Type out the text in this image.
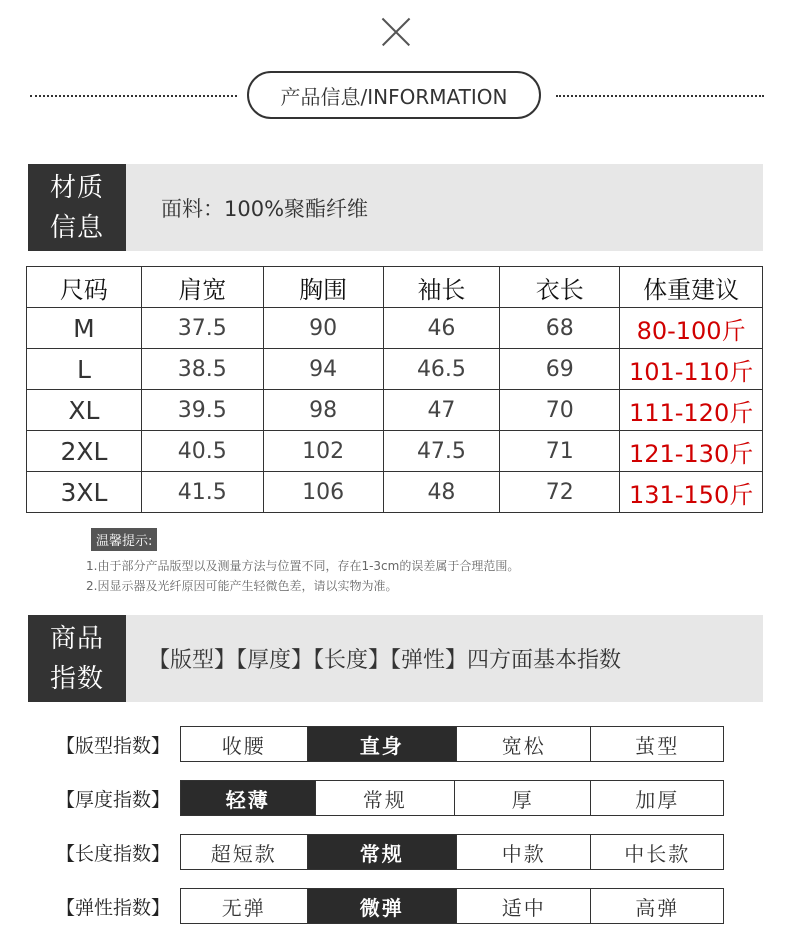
产品信息/INFORMATION
材质
信息
面料：100%聚酯纤维
尺码	肩宽	胸围	袖长	衣长	体重建议
M	37.5	90	46	68	80-100斤
L	38.5	94	46.5	69	101-110斤
XL	39.5	98	47	70	111-120斤
2XL	40.5	102	47.5	71	121-130斤
3XL	41.5	106	48	72	131-150斤
温馨提示:
1.由于部分产品版型以及测量方法与位置不同，存在1-3cm的误差属于合理范围。
2.因显示器及光纤原因可能产生轻微色差，请以实物为准。
商品
指数
【版型】【厚度】【长度】【弹性】四方面基本指数
【版型指数】	收腰	直身	宽松	茧型
【厚度指数】	轻薄	常规	厚	加厚
【长度指数】	超短款	常规	中款	中长款
【弹性指数】	无弹	微弹	适中	高弹
